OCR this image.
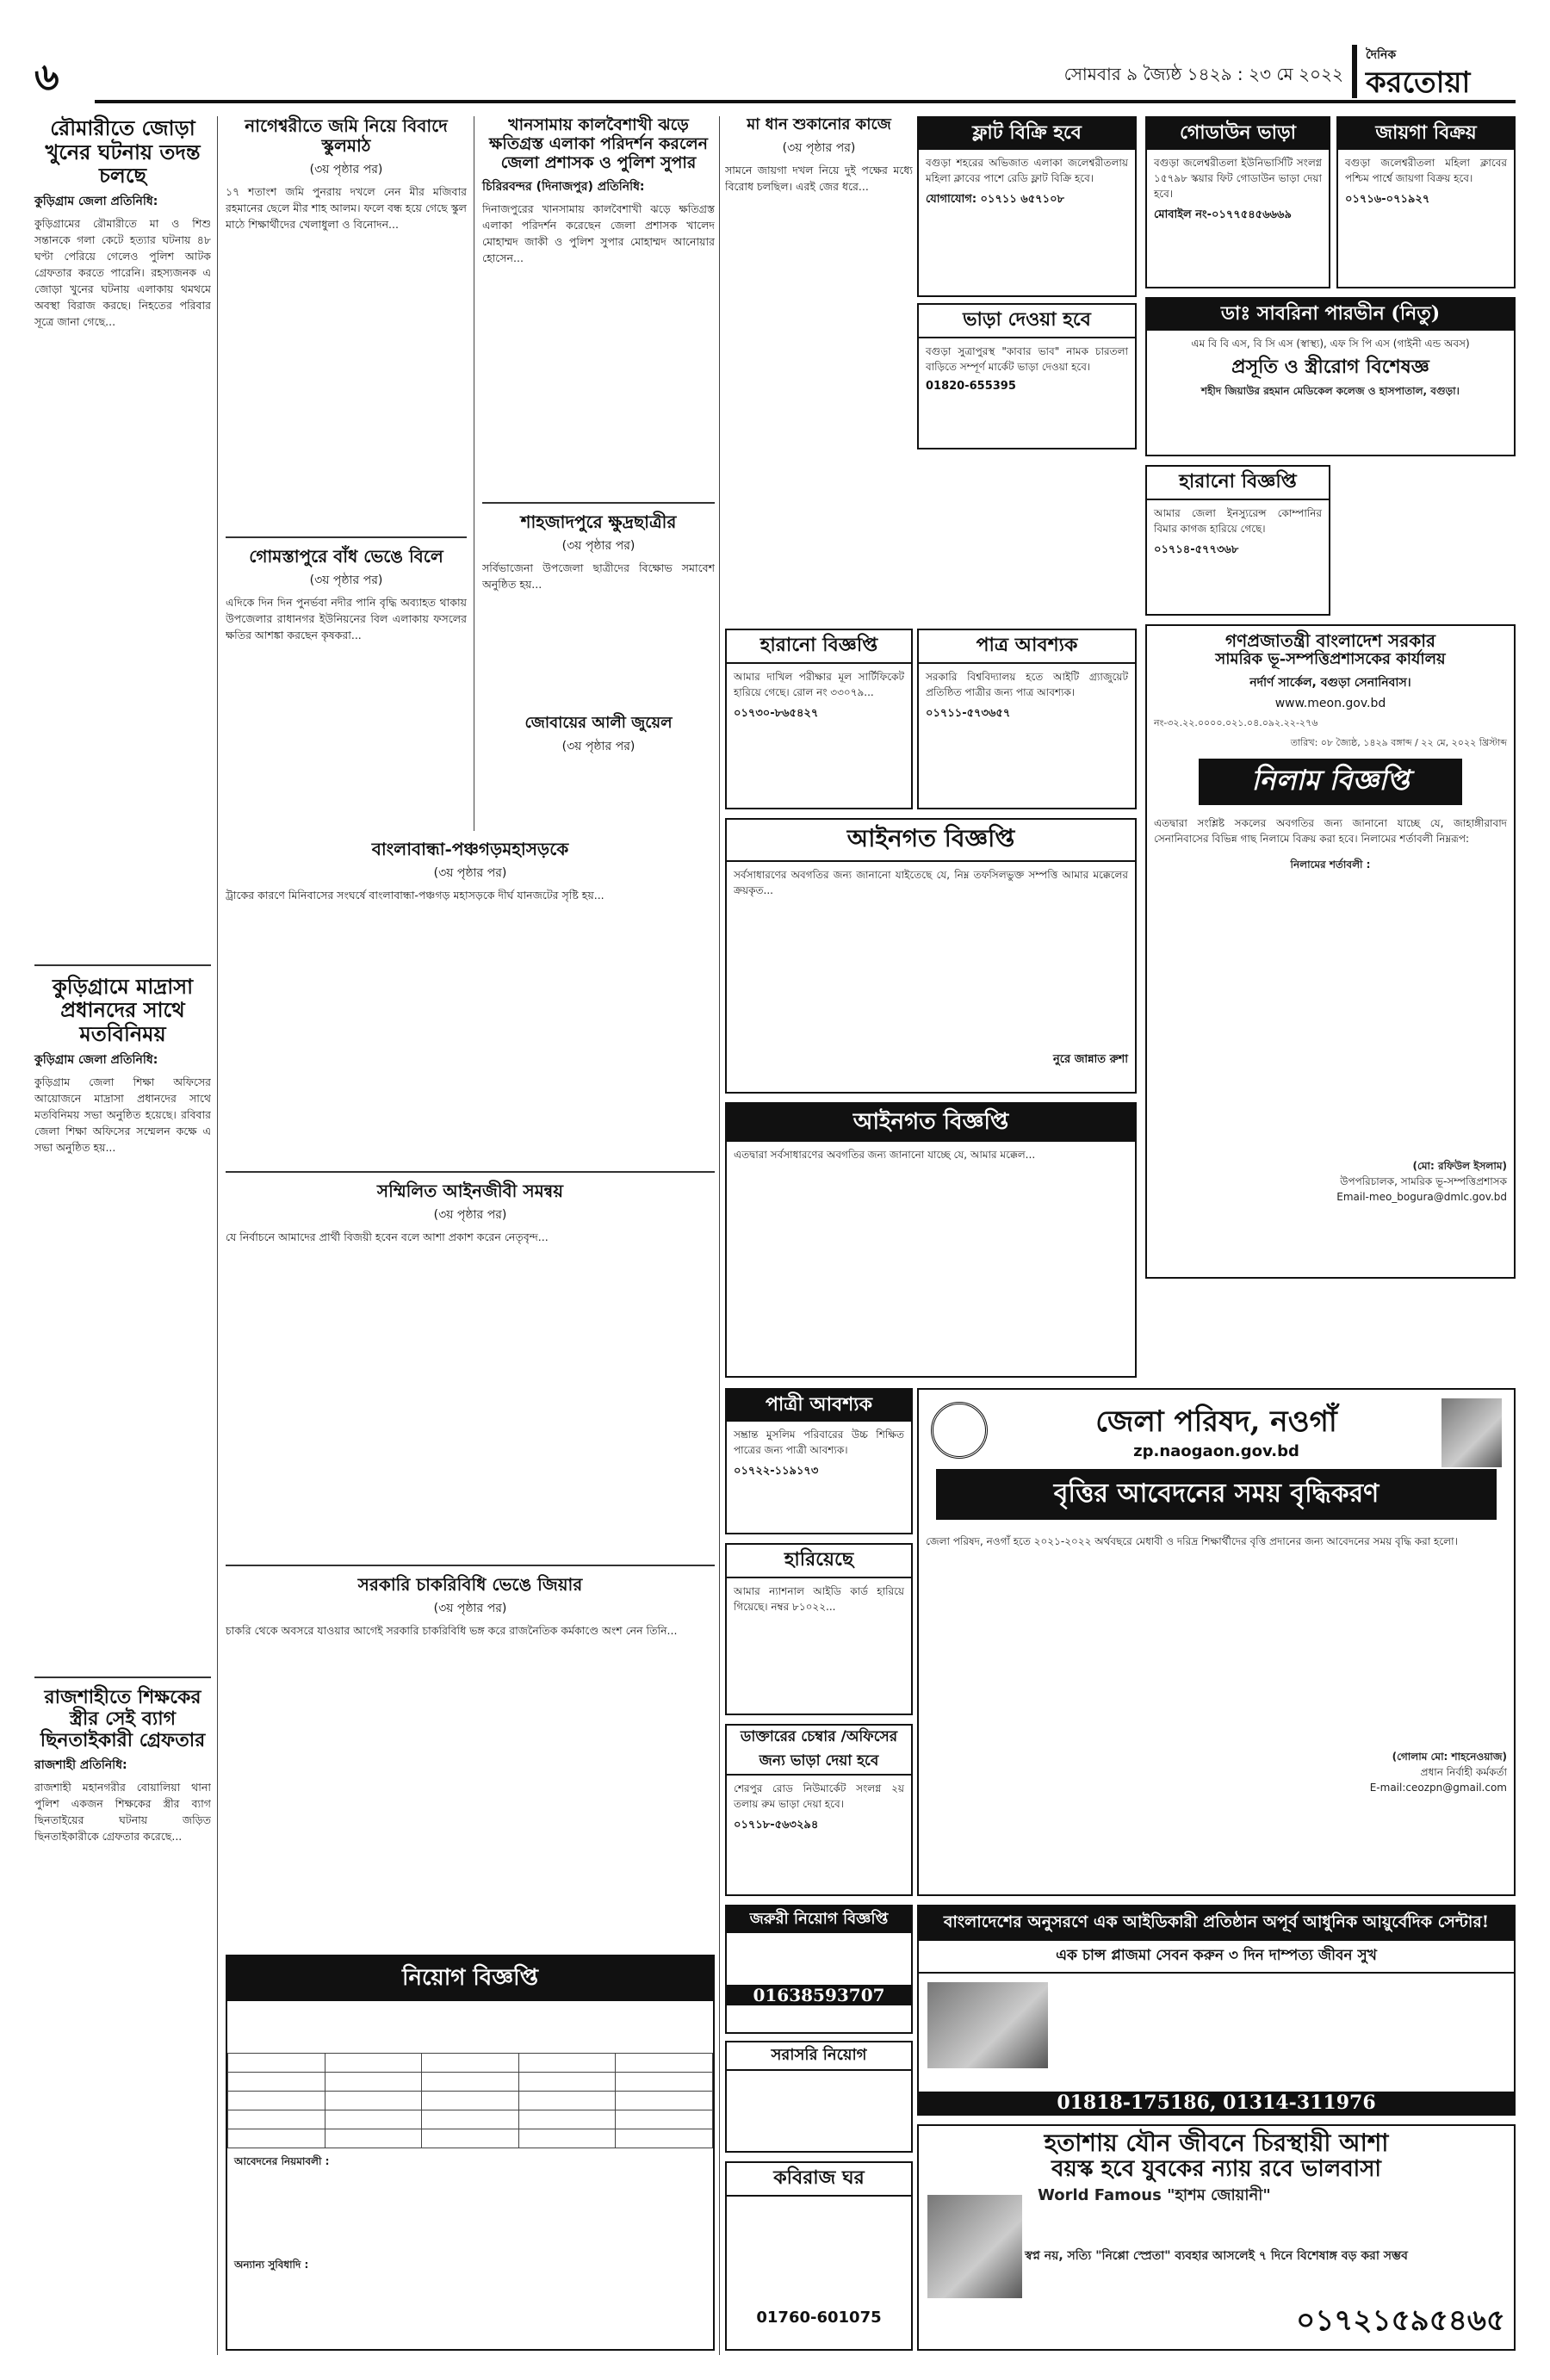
৬	সোমবার ৯ জ্যৈষ্ঠ ১৪২৯ : ২৩ মে ২০২২
দৈনিক
করতোয়া
রৌমারীতে জোড়া খুনের ঘটনায় তদন্ত চলছে
কুড়িগ্রাম জেলা প্রতিনিধি:
কুড়িগ্রামের রৌমারীতে মা ও শিশু সন্তানকে গলা কেটে হত্যার ঘটনায় ৪৮ ঘণ্টা পেরিয়ে গেলেও পুলিশ আটক গ্রেফতার করতে পারেনি। রহস্যজনক এ জোড়া খুনের ঘটনায় এলাকায় থমথমে অবস্থা বিরাজ করছে। নিহতের পরিবার সূত্রে জানা গেছে...
কুড়িগ্রামে মাদ্রাসা প্রধানদের সাথে মতবিনিময়
কুড়িগ্রাম জেলা প্রতিনিধি:
কুড়িগ্রাম জেলা শিক্ষা অফিসের আয়োজনে মাদ্রাসা প্রধানদের সাথে মতবিনিময় সভা অনুষ্ঠিত হয়েছে। রবিবার জেলা শিক্ষা অফিসের সম্মেলন কক্ষে এ সভা অনুষ্ঠিত হয়...
রাজশাহীতে শিক্ষকের স্ত্রীর সেই ব্যাগ ছিনতাইকারী গ্রেফতার
রাজশাহী প্রতিনিধি:
রাজশাহী মহানগরীর বোয়ালিয়া থানা পুলিশ একজন শিক্ষকের স্ত্রীর ব্যাগ ছিনতাইয়ের ঘটনায় জড়িত ছিনতাইকারীকে গ্রেফতার করেছে...
নাগেশ্বরীতে জমি নিয়ে বিবাদে স্কুলমাঠ
(৩য় পৃষ্ঠার পর)
১৭ শতাংশ জমি পুনরায় দখলে নেন মীর মজিবার রহমানের ছেলে মীর শাহ আলম। ফলে বন্ধ হয়ে গেছে স্কুল মাঠে শিক্ষার্থীদের খেলাধুলা ও বিনোদন...
গোমস্তাপুরে বাঁধ ভেঙে বিলে
(৩য় পৃষ্ঠার পর)
এদিকে দিন দিন পুনর্ভবা নদীর পানি বৃদ্ধি অব্যাহত থাকায় উপজেলার রাধানগর ইউনিয়নের বিল এলাকায় ফসলের ক্ষতির আশঙ্কা করছেন কৃষকরা...
খানসামায় কালবৈশাখী ঝড়ে ক্ষতিগ্রস্ত এলাকা পরিদর্শন করলেন জেলা প্রশাসক ও পুলিশ সুপার
চিরিরবন্দর (দিনাজপুর) প্রতিনিধি:
দিনাজপুরের খানসামায় কালবৈশাখী ঝড়ে ক্ষতিগ্রস্ত এলাকা পরিদর্শন করেছেন জেলা প্রশাসক খালেদ মোহাম্মদ জাকী ও পুলিশ সুপার মোহাম্মদ আনোয়ার হোসেন...
শাহজাদপুরে ক্ষুদ্রছাত্রীর
(৩য় পৃষ্ঠার পর)
সর্বিভাজেনা উপজেলা ছাত্রীদের বিক্ষোভ সমাবেশ অনুষ্ঠিত হয়...
বাংলাবান্ধা-পঞ্চগড়মহাসড়কে
(৩য় পৃষ্ঠার পর)
ট্রাকের কারণে মিনিবাসের সংঘর্ষে বাংলাবান্ধা-পঞ্চগড় মহাসড়কে দীর্ঘ যানজটের সৃষ্টি হয়...
সম্মিলিত আইনজীবী সমন্বয়
(৩য় পৃষ্ঠার পর)
যে নির্বাচনে আমাদের প্রার্থী বিজয়ী হবেন বলে আশা প্রকাশ করেন নেতৃবৃন্দ...
সরকারি চাকরিবিধি ভেঙে জিয়ার
(৩য় পৃষ্ঠার পর)
চাকরি থেকে অবসরে যাওয়ার আগেই সরকারি চাকরিবিধি ভঙ্গ করে রাজনৈতিক কর্মকাণ্ডে অংশ নেন তিনি...
জোবায়ের আলী জুয়েল
(৩য় পৃষ্ঠার পর)
নিয়োগ বিজ্ঞপ্তি

আবেদনের নিয়মাবলী :
অন্যান্য সুবিধাদি :
মা ধান শুকানোর কাজে
(৩য় পৃষ্ঠার পর)
সামনে জায়গা দখল নিয়ে দুই পক্ষের মধ্যে বিরোধ চলছিল। এরই জের ধরে...
ফ্লাট বিক্রি হবে
বগুড়া শহরের অভিজাত এলাকা জলেশ্বরীতলায় মহিলা ক্লাবের পাশে রেডি ফ্লাট বিক্রি হবে।
যোগাযোগ: ০১৭১১ ৬৫৭১০৮
ভাড়া দেওয়া হবে
বগুড়া সুত্রাপুরস্থ "কাবার ভাব" নামক চারতলা বাড়িতে সম্পূর্ণ মার্কেট ভাড়া দেওয়া হবে।
01820-655395
হারানো বিজ্ঞপ্তি
আমার দাখিল পরীক্ষার মূল সার্টিফিকেট হারিয়ে গেছে। রোল নং ৩৩০৭৯...
০১৭৩০-৮৬৫৪২৭
পাত্র আবশ্যক
সরকারি বিশ্ববিদ্যালয় হতে আইটি গ্র্যাজুয়েট প্রতিষ্ঠিত পাত্রীর জন্য পাত্র আবশ্যক।
০১৭১১-৫৭৩৬৫৭
আইনগত বিজ্ঞপ্তি
সর্বসাধারণের অবগতির জন্য জানানো যাইতেছে যে, নিম্ন তফসিলভুক্ত সম্পত্তি আমার মক্কেলের ক্রয়কৃত...
নুরে জান্নাত রুশা
আইনগত বিজ্ঞপ্তি
এতদ্বারা সর্বসাধারণের অবগতির জন্য জানানো যাচ্ছে যে, আমার মক্কেল...
পাত্রী আবশ্যক
সম্ভ্রান্ত মুসলিম পরিবারের উচ্চ শিক্ষিত পাত্রের জন্য পাত্রী আবশ্যক।
০১৭২২-১১৯১৭৩
হারিয়েছে
আমার ন্যাশনাল আইডি কার্ড হারিয়ে গিয়েছে। নম্বর ৮১০২২...
ডাক্তারের চেম্বার /অফিসের জন্য ভাড়া দেয়া হবে
শেরপুর রোড নিউমার্কেট সংলগ্ন ২য় তলায় রুম ভাড়া দেয়া হবে।
০১৭১৮-৫৬৩২৯৪
জরুরী নিয়োগ বিজ্ঞপ্তি
01638593707
সরাসরি নিয়োগ
কবিরাজ ঘর
01760-601075
গোডাউন ভাড়া
বগুড়া জলেশ্বরীতলা ইউনিভার্সিটি সংলগ্ন ১৫৭৯৮ স্কয়ার ফিট গোডাউন ভাড়া দেয়া হবে।
মোবাইল নং-০১৭৭৫৪৫৬৬৬৯
জায়গা বিক্রয়
বগুড়া জলেশ্বরীতলা মহিলা ক্লাবের পশ্চিম পার্শ্বে জায়গা বিক্রয় হবে।
০১৭১৬-০৭১৯২৭
ডাঃ সাবরিনা পারভীন (নিতু)
এম বি বি এস, বি সি এস (স্বাস্থ্য), এফ সি পি এস (গাইনী এন্ড অবস)
প্রসূতি ও স্ত্রীরোগ বিশেষজ্ঞ
শহীদ জিয়াউর রহমান মেডিকেল কলেজ ও হাসপাতাল, বগুড়া।
হারানো বিজ্ঞপ্তি
আমার জেলা ইনস্যুরেন্স কোম্পানির বিমার কাগজ হারিয়ে গেছে।
০১৭১৪-৫৭৭৩৬৮
গণপ্রজাতন্ত্রী বাংলাদেশ সরকার
সামরিক ভূ-সম্পত্তিপ্রশাসকের কার্যালয়
নর্দার্ণ সার্কেল, বগুড়া সেনানিবাস।
www.meon.gov.bd
নং-৩২.২২.০০০০.০২১.০৪.০৯২.২২-২৭৬
তারিখ: ০৮ জ্যৈষ্ঠ, ১৪২৯ বঙ্গাব্দ / ২২ মে, ২০২২ খ্রিস্টাব্দ
নিলাম বিজ্ঞপ্তি
এতদ্বারা সংশ্লিষ্ট সকলের অবগতির জন্য জানানো যাচ্ছে যে, জাহাঙ্গীরাবাদ সেনানিবাসের বিভিন্ন গাছ নিলামে বিক্রয় করা হবে। নিলামের শর্তাবলী নিম্নরূপ:
নিলামের শর্তাবলী :
(মো: রফিউল ইসলাম)
উপপরিচালক, সামরিক ভূ-সম্পত্তিপ্রশাসক
Email-meo_bogura@dmlc.gov.bd
জেলা পরিষদ, নওগাঁ
zp.naogaon.gov.bd
বৃত্তির আবেদনের সময় বৃদ্ধিকরণ
জেলা পরিষদ, নওগাঁ হতে ২০২১-২০২২ অর্থবছরে মেধাবী ও দরিদ্র শিক্ষার্থীদের বৃত্তি প্রদানের জন্য আবেদনের সময় বৃদ্ধি করা হলো।
(গোলাম মো: শাহনেওয়াজ)
প্রধান নির্বাহী কর্মকর্তা
E-mail:ceozpn@gmail.com
বাংলাদেশের অনুসরণে এক আইডিকারী প্রতিষ্ঠান অপূর্ব আধুনিক আয়ুর্বেদিক সেন্টার!
এক চান্স প্লাজমা সেবন করুন ৩ দিন দাম্পত্য জীবন সুখ
01818-175186, 01314-311976
হতাশায় যৌন জীবনে চিরস্থায়ী আশা
বয়স্ক হবে যুবকের ন্যায় রবে ভালবাসা
World Famous "হাশম জোয়ানী"
স্বপ্ন নয়, সত্যি "নিপ্পো স্প্রেতা" ব্যবহার আসলেই ৭ দিনে বিশেষাঙ্গ বড় করা সম্ভব
০১৭২১৫৯৫৪৬৫
